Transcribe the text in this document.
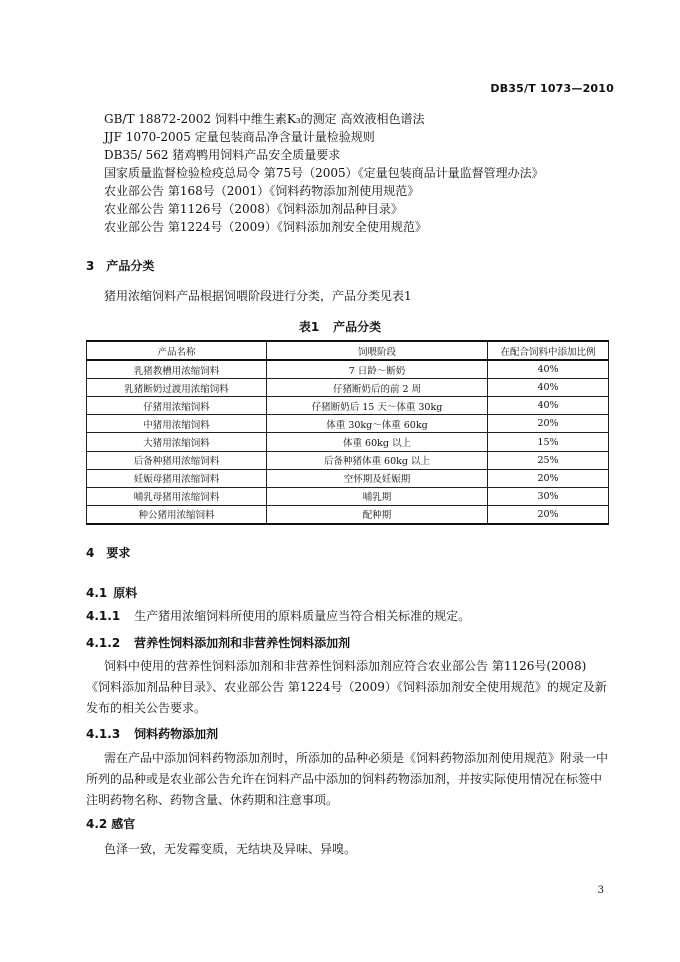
DB35/T 1073—2010
GB/T 18872-2002 饲料中维生素K₃的测定 高效液相色谱法
JJF 1070-2005 定量包装商品净含量计量检验规则
DB35/ 562 猪鸡鸭用饲料产品安全质量要求
国家质量监督检验检疫总局令 第75号（2005）《定量包装商品计量监督管理办法》
农业部公告 第168号（2001）《饲料药物添加剂使用规范》
农业部公告 第1126号（2008）《饲料添加剂品种目录》
农业部公告 第1224号（2009）《饲料添加剂安全使用规范》
3 产品分类
猪用浓缩饲料产品根据饲喂阶段进行分类，产品分类见表1
表1 产品分类
产品名称	饲喂阶段	在配合饲料中添加比例
乳猪教槽用浓缩饲料	7 日龄～断奶	40%
乳猪断奶过渡用浓缩饲料	仔猪断奶后的前 2 周	40%
仔猪用浓缩饲料	仔猪断奶后 15 天～体重 30kg	40%
中猪用浓缩饲料	体重 30kg～体重 60kg	20%
大猪用浓缩饲料	体重 60kg 以上	15%
后备种猪用浓缩饲料	后备种猪体重 60kg 以上	25%
妊娠母猪用浓缩饲料	空怀期及妊娠期	20%
哺乳母猪用浓缩饲料	哺乳期	30%
种公猪用浓缩饲料	配种期	20%
4 要求
4.1 原料
4.1.1 生产猪用浓缩饲料所使用的原料质量应当符合相关标准的规定。
4.1.2 营养性饲料添加剂和非营养性饲料添加剂
饲料中使用的营养性饲料添加剂和非营养性饲料添加剂应符合农业部公告 第1126号(2008)《饲料添加剂品种目录》、农业部公告 第1224号（2009）《饲料添加剂安全使用规范》的规定及新发布的相关公告要求。
4.1.3 饲料药物添加剂
需在产品中添加饲料药物添加剂时，所添加的品种必须是《饲料药物添加剂使用规范》附录一中所列的品种或是农业部公告允许在饲料产品中添加的饲料药物添加剂，并按实际使用情况在标签中注明药物名称、药物含量、休药期和注意事项。
4.2 感官
色泽一致，无发霉变质，无结块及异味、异嗅。
3
